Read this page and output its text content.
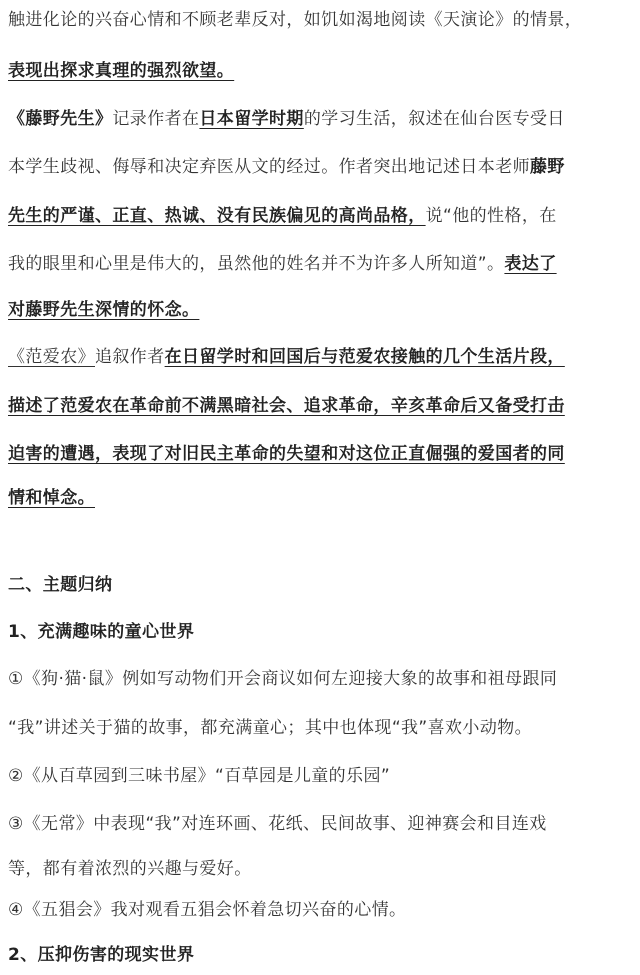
触进化论的兴奋心情和不顾老辈反对，如饥如渴地阅读《天演论》的情景，
表现出探求真理的强烈欲望。
《藤野先生》记录作者在日本留学时期的学习生活，叙述在仙台医专受日
本学生歧视、侮辱和决定弃医从文的经过。作者突出地记述日本老师藤野
先生的严谨、正直、热诚、没有民族偏见的高尚品格，说“他的性格，在
我的眼里和心里是伟大的，虽然他的姓名并不为许多人所知道”。表达了
对藤野先生深情的怀念。
《范爱农》追叙作者在日留学时和回国后与范爱农接触的几个生活片段，
描述了范爱农在革命前不满黑暗社会、追求革命，辛亥革命后又备受打击
迫害的遭遇，表现了对旧民主革命的失望和对这位正直倔强的爱国者的同
情和悼念。
二、主题归纳
1、充满趣味的童心世界
①《狗·猫·鼠》例如写动物们开会商议如何左迎接大象的故事和祖母跟同
“我”讲述关于猫的故事，都充满童心；其中也体现“我”喜欢小动物。
②《从百草园到三味书屋》“百草园是儿童的乐园”
③《无常》中表现“我”对连环画、花纸、民间故事、迎神赛会和目连戏
等，都有着浓烈的兴趣与爱好。
④《五猖会》我对观看五猖会怀着急切兴奋的心情。
2、压抑伤害的现实世界
